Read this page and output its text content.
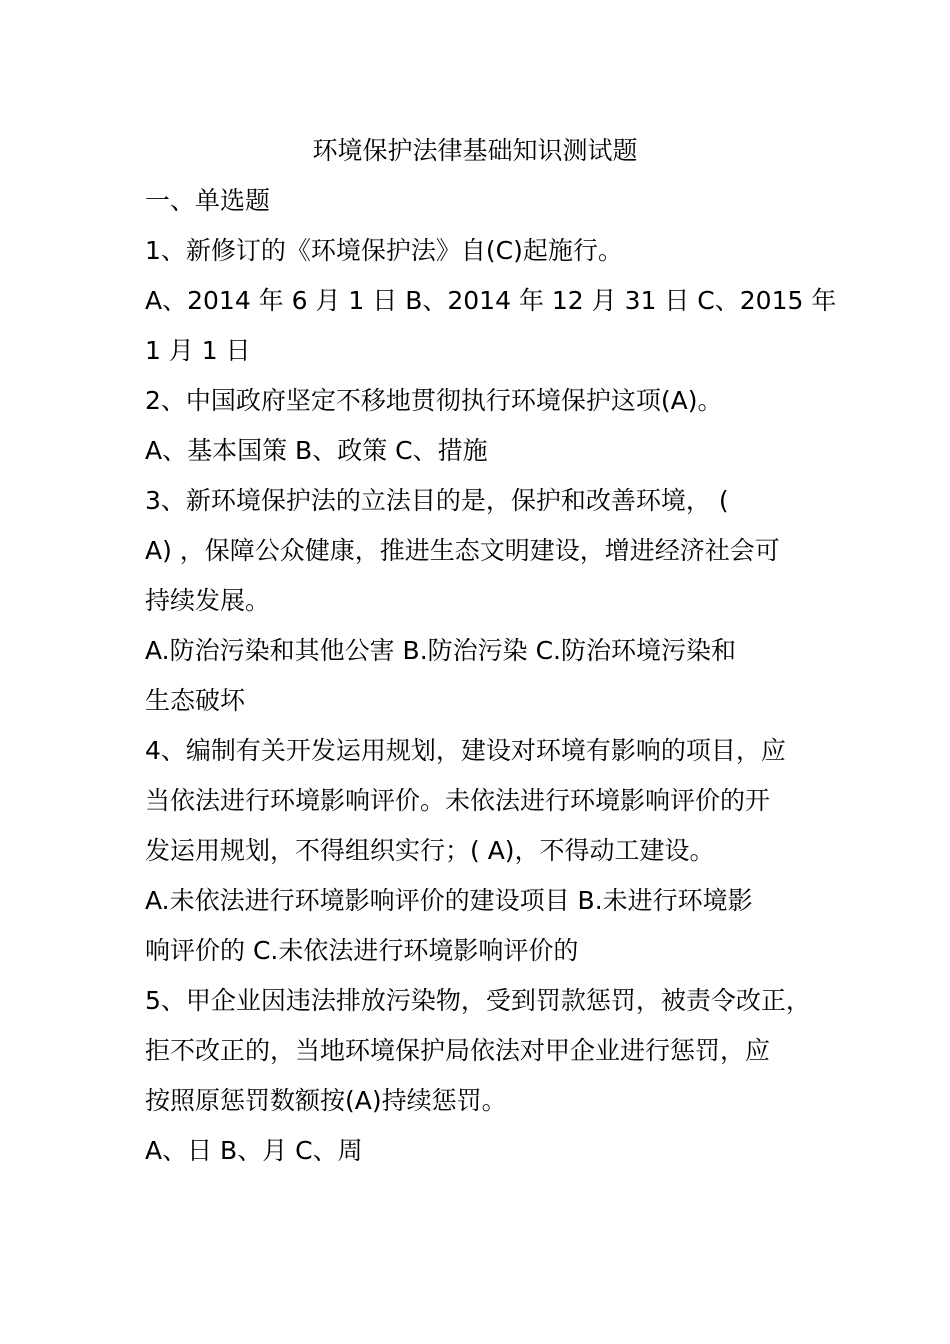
环境保护法律基础知识测试题
一、单选题
1、新修订的《环境保护法》自(C)起施行。
A、2014 年 6 月 1 日 B、2014 年 12 月 31 日 C、2015 年
1 月 1 日
2、中国政府坚定不移地贯彻执行环境保护这项(A)。
A、基本国策 B、政策 C、措施
3、新环境保护法的立法目的是，保护和改善环境， (
A) ，保障公众健康，推进生态文明建设，增进经济社会可
持续发展。
A.防治污染和其他公害 B.防治污染 C.防治环境污染和
生态破坏
4、编制有关开发运用规划，建设对环境有影响的项目，应
当依法进行环境影响评价。未依法进行环境影响评价的开
发运用规划，不得组织实行；( A)，不得动工建设。
A.未依法进行环境影响评价的建设项目 B.未进行环境影
响评价的 C.未依法进行环境影响评价的
5、甲企业因违法排放污染物，受到罚款惩罚，被责令改正，
拒不改正的，当地环境保护局依法对甲企业进行惩罚，应
按照原惩罚数额按(A)持续惩罚。
A、日 B、月 C、周
